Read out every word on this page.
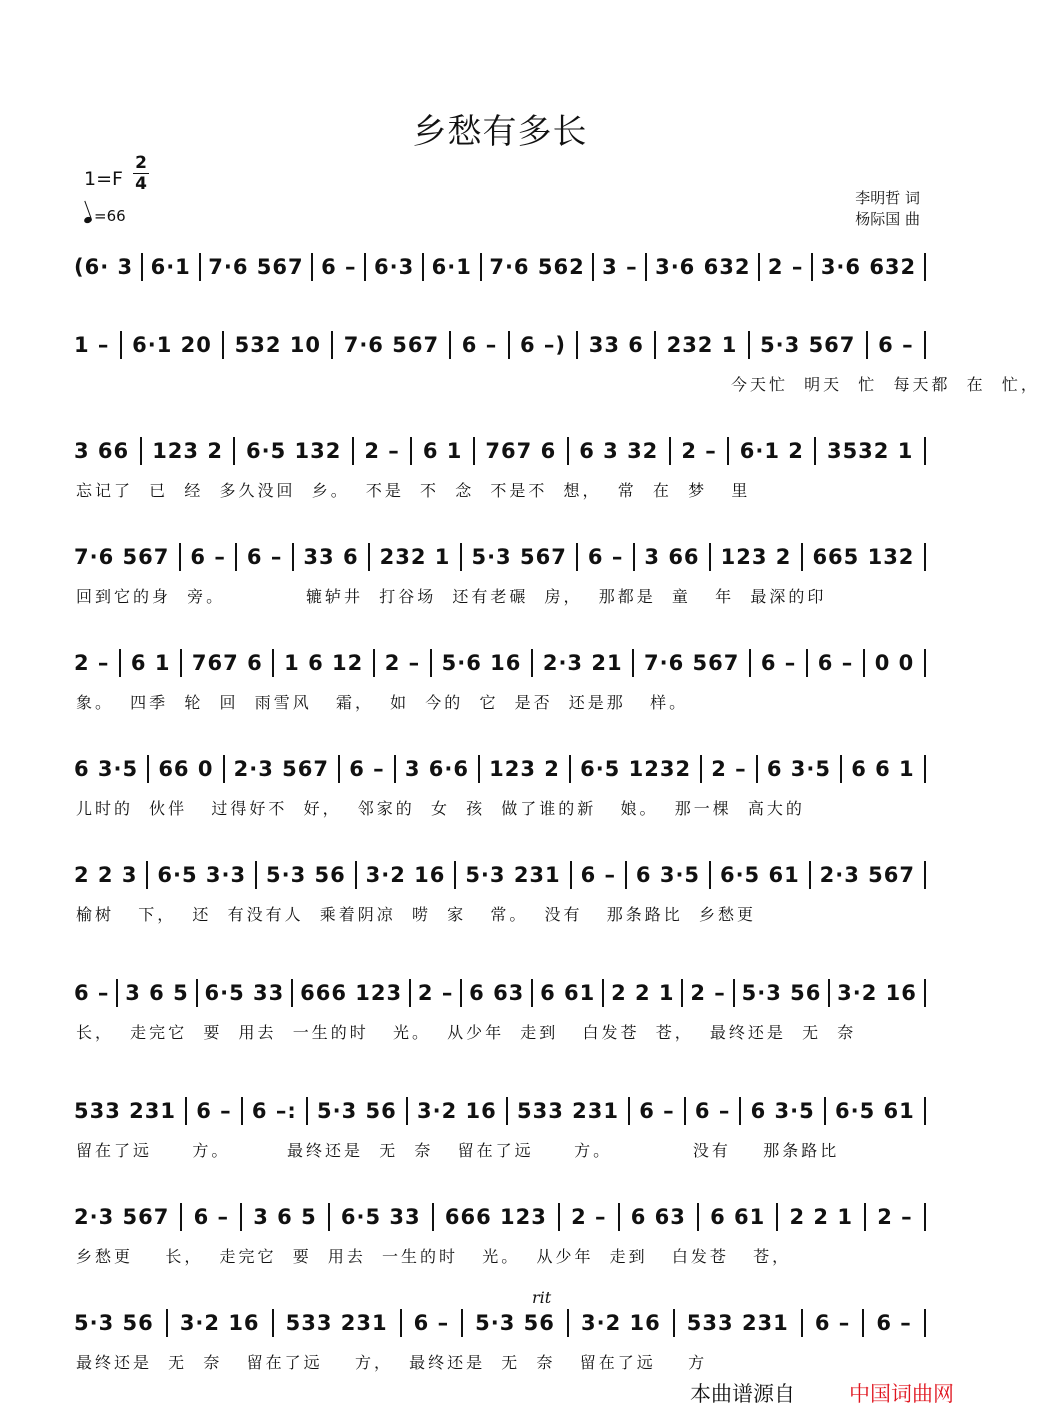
乡愁有多长
1=F
2
4
=66
李明哲 词
杨际国 曲
(6· 3 6·1 7·6 567 6 – 6·3 6·1 7·6 562 3 – 3·6 632 2 – 3·6 632
1 – 6·1 20 532 10 7·6 567 6 – 6 –) 33 6 232 1 5·3 567 6 –
3 66 123 2 6·5 132 2 – 6 1 767 6 6 3 32 2 – 6·1 2 3532 1
7·6 567 6 – 6 – 33 6 232 1 5·3 567 6 – 3 66 123 2 665 132
2 – 6 1 767 6 1 6 12 2 – 5·6 16 2·3 21 7·6 567 6 – 6 – 0 0
6 3·5 66 0 2·3 567 6 – 3 6·6 123 2 6·5 1232 2 – 6 3·5 6 6 1
2 2 3 6·5 3·3 5·3 56 3·2 16 5·3 231 6 – 6 3·5 6·5 61 2·3 567
6 – 3 6 5 6·5 33 666 123 2 – 6 63 6 61 2 2 1 2 – 5·3 56 3·2 16
533 231 6 – 6 –: 5·3 56 3·2 16 533 231 6 – 6 – 6 3·5 6·5 61
2·3 567 6 – 3 6 5 6·5 33 666 123 2 – 6 63 6 61 2 2 1 2 –
5·3 56 3·2 16 533 231 6 – 5·3 56 3·2 16 533 231 6 – 6 –
今天忙  明天  忙  每天都  在  忙，
忘记了  已  经  多久没回  乡。  不是  不  念  不是不  想，  常  在  梦   里
回到它的身  旁。          辘轳井  打谷场  还有老碾  房，  那都是  童   年  最深的印
象。  四季  轮  回  雨雪风   霜，  如  今的  它  是否  还是那   样。
儿时的  伙伴   过得好不  好，  邻家的  女  孩  做了谁的新   娘。  那一棵  高大的
榆树   下，  还  有没有人  乘着阴凉  唠  家   常。  没有   那条路比  乡愁更
长，  走完它  要  用去  一生的时   光。  从少年  走到   白发苍  苍，  最终还是  无  奈
留在了远     方。       最终还是  无  奈   留在了远     方。          没有    那条路比
乡愁更    长，  走完它  要  用去  一生的时   光。  从少年  走到   白发苍   苍，
最终还是  无  奈   留在了远    方，  最终还是  无  奈   留在了远    方
rit
本曲谱源自	中国词曲网
